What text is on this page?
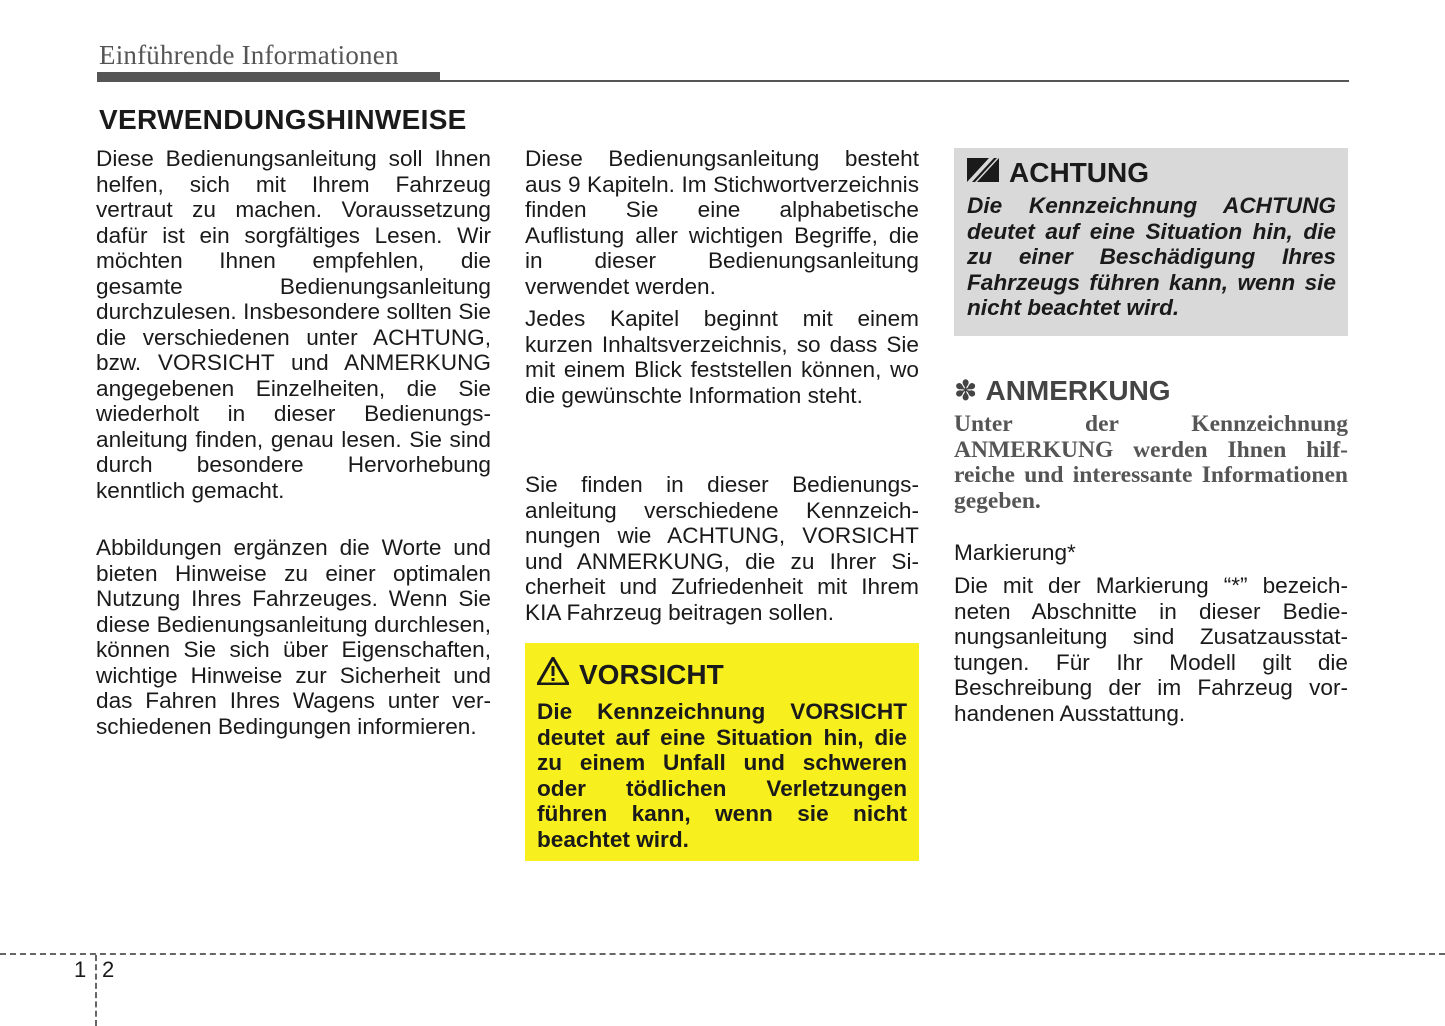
Einführende Informationen
VERWENDUNGSHINWEISE

Diese Bedienungsanleitung soll Ihnen helfen, sich mit Ihrem Fahrzeug vertraut zu machen. Voraussetzung dafür ist ein sorgfältiges Lesen. Wir möchten Ihnen empfehlen, die gesamte Bedienungsanleitung durchzulesen. Insbesondere sollten Sie die verschiedenen unter ACHTUNG, bzw. VORSICHT und ANMERKUNG angegebenen Einzelheiten, die Sie wiederholt in dieser Bedienungsanleitung finden, genau lesen. Sie sind durch besondere Hervorhebung kenntlich gemacht.

Abbildungen ergänzen die Worte und bieten Hinweise zu einer optimalen Nutzung Ihres Fahrzeuges. Wenn Sie diese Bedienungsanleitung durchlesen, können Sie sich über Eigenschaften, wichtige Hinweise zur Sicherheit und das Fahren Ihres Wagens unter verschiedenen Bedingungen informieren.

Diese Bedienungsanleitung besteht aus 9 Kapiteln. Im Stichwortverzeichnis finden Sie eine alphabetische Auflistung aller wichtigen Begriffe, die in dieser Bedienungsanleitung verwendet werden.

Jedes Kapitel beginnt mit einem kurzen Inhaltsverzeichnis, so dass Sie mit einem Blick feststellen können, wo die gewünschte Information steht.

Sie finden in dieser Bedienungsanleitung verschiedene Kennzeichnungen wie ACHTUNG, VORSICHT und ANMERKUNG, die zu Ihrer Sicherheit und Zufriedenheit mit Ihrem KIA Fahrzeug beitragen sollen.

VORSICHT

Die Kennzeichnung VORSICHT deutet auf eine Situation hin, die zu einem Unfall und schweren oder tödlichen Verletzungen führen kann, wenn sie nicht beachtet wird.

ACHTUNG

Die Kennzeichnung ACHTUNG deutet auf eine Situation hin, die zu einer Beschädigung Ihres Fahrzeugs führen kann, wenn sie nicht beachtet wird.

✽ ANMERKUNG

Unter der Kennzeichnung ANMERKUNG werden Ihnen hilfreiche und interessante Informationen gegeben.

Markierung*

Die mit der Markierung “*” bezeichneten Abschnitte in dieser Bedienungsanleitung sind Zusatzausstattungen. Für Ihr Modell gilt die Beschreibung der im Fahrzeug vorhandenen Ausstattung.

1 2
